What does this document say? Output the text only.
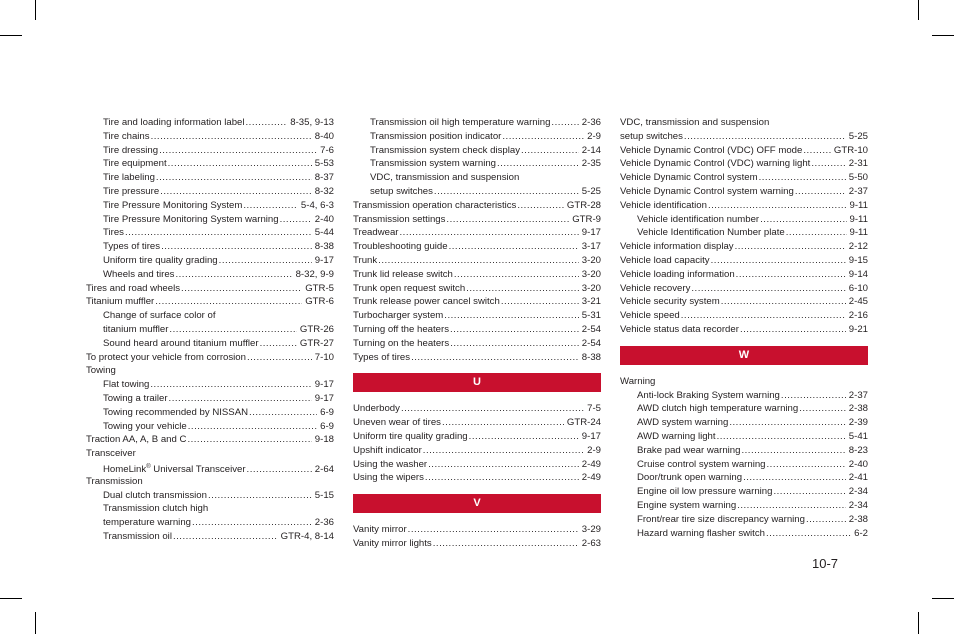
Tire and loading information label .....	8-35, 9-13
Tire chains .....	8-40
Tire dressing .....	7-6
Tire equipment .....	5-53
Tire labeling .....	8-37
Tire pressure .....	8-32
Tire Pressure Monitoring System .....	5-4, 6-3
Tire Pressure Monitoring System warning .....	2-40
Tires .....	5-44
Types of tires .....	8-38
Uniform tire quality grading .....	9-17
Wheels and tires .....	8-32, 9-9
Tires and road wheels .....	GTR-5
Titanium muffler .....	GTR-6
Change of surface color of
titanium muffler .....	GTR-26
Sound heard around titanium muffler .....	GTR-27
To protect your vehicle from corrosion .....	7-10
Towing
Flat towing .....	9-17
Towing a trailer .....	9-17
Towing recommended by NISSAN .....	6-9
Towing your vehicle .....	6-9
Traction AA, A, B and C .....	9-18
Transceiver
HomeLink® Universal Transceiver .....	2-64
Transmission
Dual clutch transmission .....	5-15
Transmission clutch high
temperature warning .....	2-36
Transmission oil .....	GTR-4, 8-14
Transmission oil high temperature warning .....	2-36
Transmission position indicator .....	2-9
Transmission system check display .....	2-14
Transmission system warning .....	2-35
VDC, transmission and suspension
setup switches .....	5-25
Transmission operation characteristics .....	GTR-28
Transmission settings .....	GTR-9
Treadwear .....	9-17
Troubleshooting guide .....	3-17
Trunk .....	3-20
Trunk lid release switch .....	3-20
Trunk open request switch .....	3-20
Trunk release power cancel switch .....	3-21
Turbocharger system .....	5-31
Turning off the heaters .....	2-54
Turning on the heaters .....	2-54
Types of tires .....	8-38
U
Underbody .....	7-5
Uneven wear of tires .....	GTR-24
Uniform tire quality grading .....	9-17
Upshift indicator .....	2-9
Using the washer .....	2-49
Using the wipers .....	2-49
V
Vanity mirror .....	3-29
Vanity mirror lights .....	2-63
VDC, transmission and suspension
setup switches .....	5-25
Vehicle Dynamic Control (VDC) OFF mode .....	GTR-10
Vehicle Dynamic Control (VDC) warning light .....	2-31
Vehicle Dynamic Control system .....	5-50
Vehicle Dynamic Control system warning .....	2-37
Vehicle identification .....	9-11
Vehicle identification number .....	9-11
Vehicle Identification Number plate .....	9-11
Vehicle information display .....	2-12
Vehicle load capacity .....	9-15
Vehicle loading information .....	9-14
Vehicle recovery .....	6-10
Vehicle security system .....	2-45
Vehicle speed .....	2-16
Vehicle status data recorder .....	9-21
W
Warning
Anti-lock Braking System warning .....	2-37
AWD clutch high temperature warning .....	2-38
AWD system warning .....	2-39
AWD warning light .....	5-41
Brake pad wear warning .....	8-23
Cruise control system warning .....	2-40
Door/trunk open warning .....	2-41
Engine oil low pressure warning .....	2-34
Engine system warning .....	2-34
Front/rear tire size discrepancy warning .....	2-38
Hazard warning flasher switch .....	6-2
10-7
